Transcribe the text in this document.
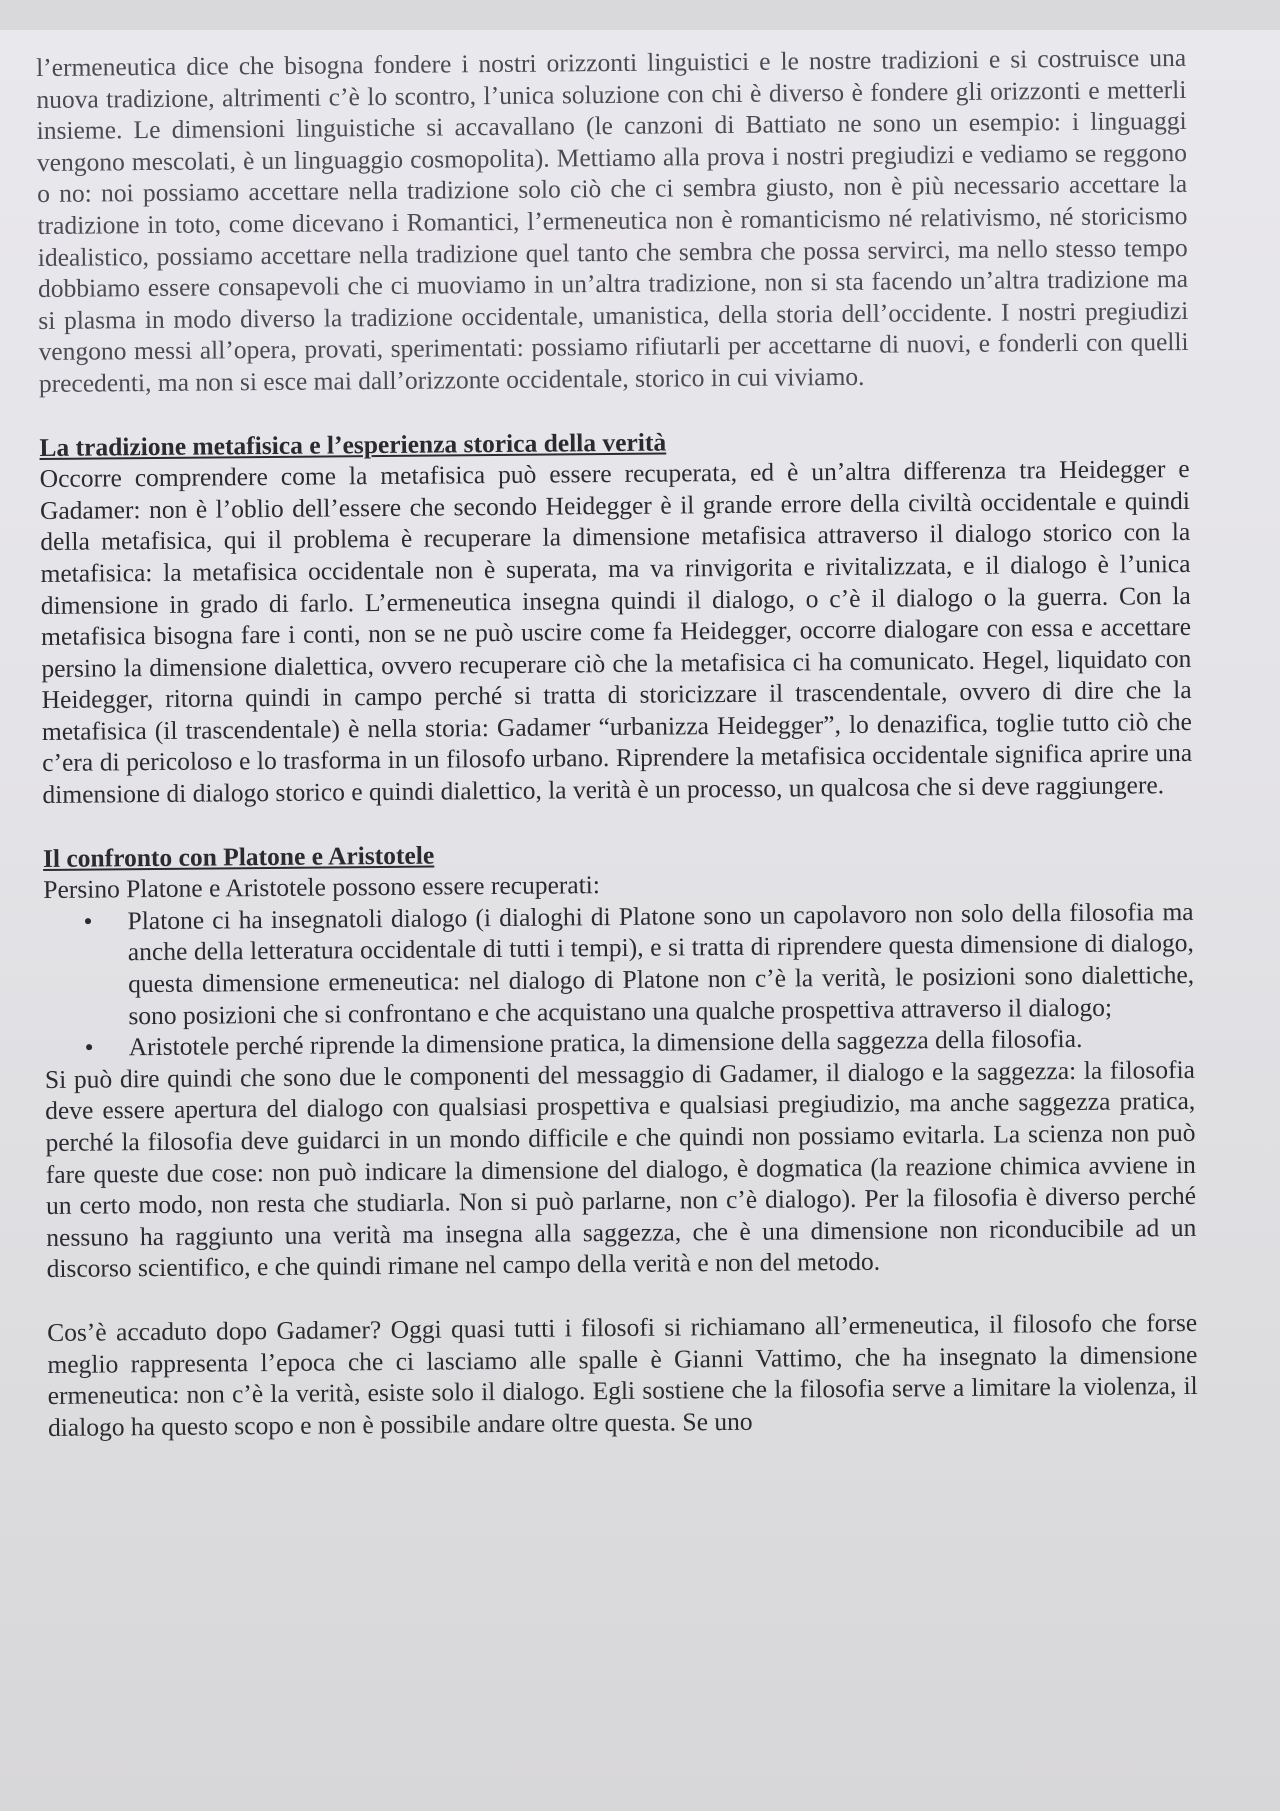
l’ermeneutica dice che bisogna fondere i nostri orizzonti linguistici e le nostre tradizioni e si costruisce una nuova tradizione, altrimenti c’è lo scontro, l’unica soluzione con chi è diverso è fondere gli orizzonti e metterli insieme. Le dimensioni linguistiche si accavallano (le canzoni di Battiato ne sono un esempio: i linguaggi vengono mescolati, è un linguaggio cosmopolita). Mettiamo alla prova i nostri pregiudizi e vediamo se reggono o no: noi possiamo accettare nella tradizione solo ciò che ci sembra giusto, non è più necessario accettare la tradizione in toto, come dicevano i Romantici, l’ermeneutica non è romanticismo né relativismo, né storicismo idealistico, possiamo accettare nella tradizione quel tanto che sembra che possa servirci, ma nello stesso tempo dobbiamo essere consapevoli che ci muoviamo in un’altra tradizione, non si sta facendo un’altra tradizione ma si plasma in modo diverso la tradizione occidentale, umanistica, della storia dell’occidente. I nostri pregiudizi vengono messi all’opera, provati, sperimentati: possiamo rifiutarli per accettarne di nuovi, e fonderli con quelli precedenti, ma non si esce mai dall’orizzonte occidentale, storico in cui viviamo.

La tradizione metafisica e l’esperienza storica della verità

Occorre comprendere come la metafisica può essere recuperata, ed è un’altra differenza tra Heidegger e Gadamer: non è l’oblio dell’essere che secondo Heidegger è il grande errore della civiltà occidentale e quindi della metafisica, qui il problema è recuperare la dimensione metafisica attraverso il dialogo storico con la metafisica: la metafisica occidentale non è superata, ma va rinvigorita e rivitalizzata, e il dialogo è l’unica dimensione in grado di farlo. L’ermeneutica insegna quindi il dialogo, o c’è il dialogo o la guerra. Con la metafisica bisogna fare i conti, non se ne può uscire come fa Heidegger, occorre dialogare con essa e accettare persino la dimensione dialettica, ovvero recuperare ciò che la metafisica ci ha comunicato. Hegel, liquidato con Heidegger, ritorna quindi in campo perché si tratta di storicizzare il trascendentale, ovvero di dire che la metafisica (il trascendentale) è nella storia: Gadamer “urbanizza Heidegger”, lo denazifica, toglie tutto ciò che c’era di pericoloso e lo trasforma in un filosofo urbano. Riprendere la metafisica occidentale significa aprire una dimensione di dialogo storico e quindi dialettico, la verità è un processo, un qualcosa che si deve raggiungere.

Il confronto con Platone e Aristotele

Persino Platone e Aristotele possono essere recuperati:

• Platone ci ha insegnatoli dialogo (i dialoghi di Platone sono un capolavoro non solo della filosofia ma anche della letteratura occidentale di tutti i tempi), e si tratta di riprendere questa dimensione di dialogo, questa dimensione ermeneutica: nel dialogo di Platone non c’è la verità, le posizioni sono dialettiche, sono posizioni che si confrontano e che acquistano una qualche prospettiva attraverso il dialogo;
• Aristotele perché riprende la dimensione pratica, la dimensione della saggezza della filosofia.

Si può dire quindi che sono due le componenti del messaggio di Gadamer, il dialogo e la saggezza: la filosofia deve essere apertura del dialogo con qualsiasi prospettiva e qualsiasi pregiudizio, ma anche saggezza pratica, perché la filosofia deve guidarci in un mondo difficile e che quindi non possiamo evitarla. La scienza non può fare queste due cose: non può indicare la dimensione del dialogo, è dogmatica (la reazione chimica avviene in un certo modo, non resta che studiarla. Non si può parlarne, non c’è dialogo). Per la filosofia è diverso perché nessuno ha raggiunto una verità ma insegna alla saggezza, che è una dimensione non riconducibile ad un discorso scientifico, e che quindi rimane nel campo della verità e non del metodo.

Cos’è accaduto dopo Gadamer? Oggi quasi tutti i filosofi si richiamano all’ermeneutica, il filosofo che forse meglio rappresenta l’epoca che ci lasciamo alle spalle è Gianni Vattimo, che ha insegnato la dimensione ermeneutica: non c’è la verità, esiste solo il dialogo. Egli sostiene che la filosofia serve a limitare la violenza, il dialogo ha questo scopo e non è possibile andare oltre questa. Se uno
